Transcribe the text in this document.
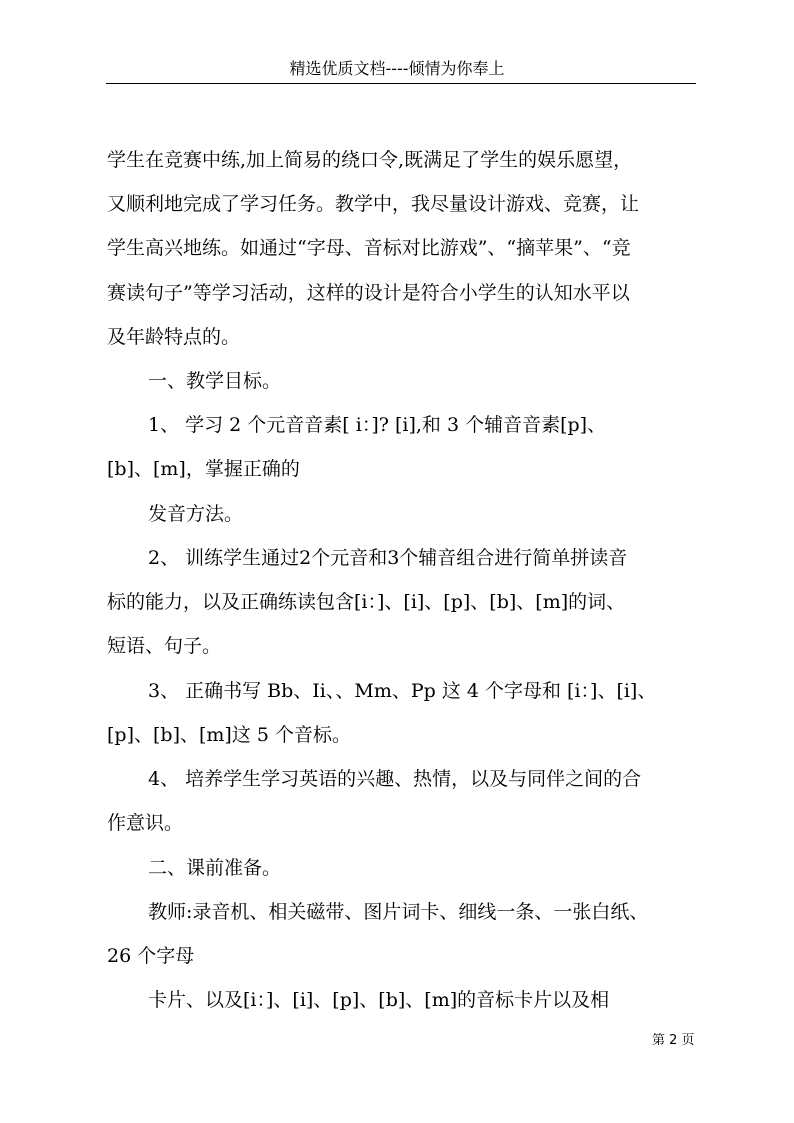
精选优质文档----倾情为你奉上
学生在竞赛中练,加上简易的绕口令,既满足了学生的娱乐愿望，
又顺利地完成了学习任务。教学中，我尽量设计游戏、竞赛，让
学生高兴地练。如通过“字母、音标对比游戏”、“摘苹果”、“竞
赛读句子”等学习活动，这样的设计是符合小学生的认知水平以
及年龄特点的。
一、教学目标。
1、 学习 2 个元音音素[ i：]? [i],和 3 个辅音音素[p]、
[b]、[m]，掌握正确的
发音方法。
2、 训练学生通过2个元音和3个辅音组合进行简单拼读音
标的能力，以及正确练读包含[i：]、[i]、[p]、[b]、[m]的词、
短语、句子。
3、 正确书写 Bb、Ii、、Mm、Pp 这 4 个字母和 [i：]、[i]、
[p]、[b]、[m]这 5 个音标。
4、 培养学生学习英语的兴趣、热情，以及与同伴之间的合
作意识。
二、课前准备。
教师:录音机、相关磁带、图片词卡、细线一条、一张白纸、
26 个字母
卡片、以及[i：]、[i]、[p]、[b]、[m]的音标卡片以及相
第 2 页
